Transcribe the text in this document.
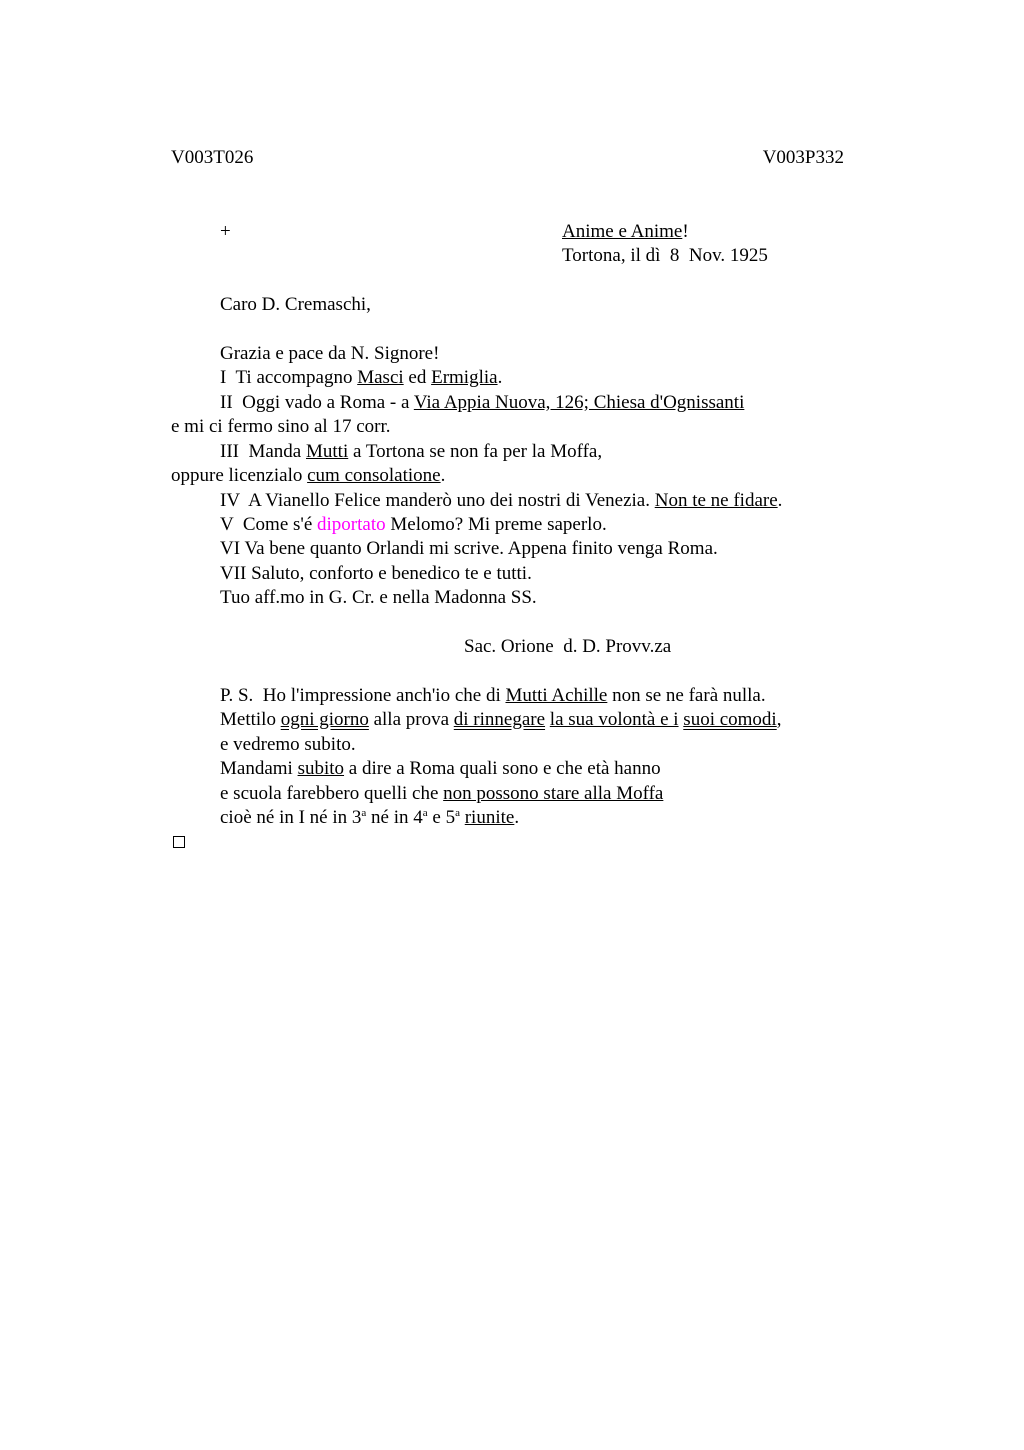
V003T026	V003P332
+	Anime e Anime!
Tortona, il dì  8  Nov. 1925
Caro D. Cremaschi,
Grazia e pace da N. Signore!
I  Ti accompagno Masci ed Ermiglia.
II  Oggi vado a Roma - a Via Appia Nuova, 126; Chiesa d'Ognissanti
e mi ci fermo sino al 17 corr.
III  Manda Mutti a Tortona se non fa per la Moffa,
oppure licenzialo cum consolatione.
IV  A Vianello Felice manderò uno dei nostri di Venezia. Non te ne fidare.
V  Come s'é diportato Melomo? Mi preme saperlo.
VI Va bene quanto Orlandi mi scrive. Appena finito venga Roma.
VII Saluto, conforto e benedico te e tutti.
Tuo aff.mo in G. Cr. e nella Madonna SS.
Sac. Orione  d. D. Provv.za
P. S.  Ho l'impressione anch'io che di Mutti Achille non se ne farà nulla.
Mettilo ogni giorno alla prova di rinnegare la sua volontà e i suoi comodi,
e vedremo subito.
Mandami subito a dire a Roma quali sono e che età hanno
e scuola farebbero quelli che non possono stare alla Moffa
cioè né in I né in 3$^a$ né in 4$^a$ e 5$^a$ riunite.
